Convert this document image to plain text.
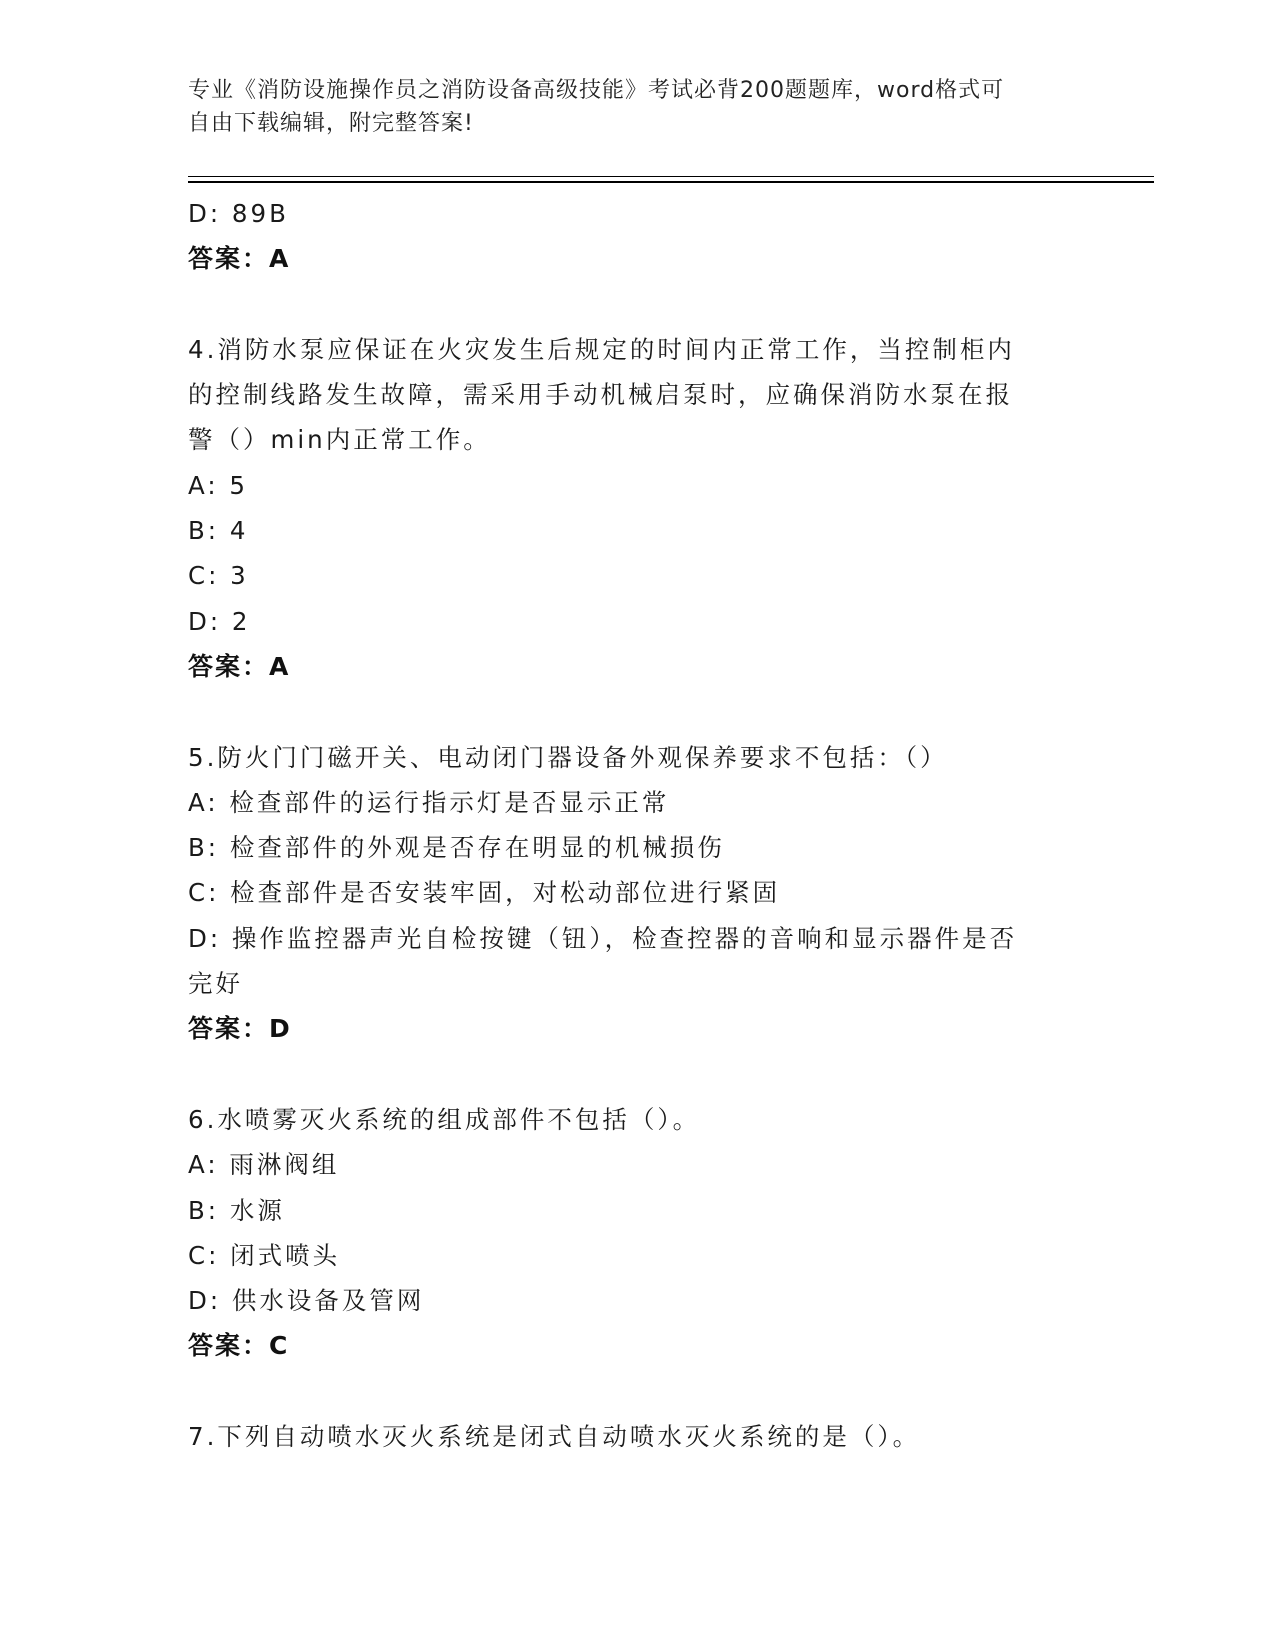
专业《消防设施操作员之消防设备高级技能》考试必背200题题库，word格式可
自由下载编辑，附完整答案!
D: 89B
答案：A
4.消防水泵应保证在火灾发生后规定的时间内正常工作，当控制柜内
的控制线路发生故障，需采用手动机械启泵时，应确保消防水泵在报
警（）min内正常工作。
A: 5
B: 4
C: 3
D: 2
答案：A
5.防火门门磁开关、电动闭门器设备外观保养要求不包括：（）
A: 检查部件的运行指示灯是否显示正常
B: 检查部件的外观是否存在明显的机械损伤
C: 检查部件是否安装牢固，对松动部位进行紧固
D: 操作监控器声光自检按键（钮），检查控器的音响和显示器件是否
完好
答案：D
6.水喷雾灭火系统的组成部件不包括（）。
A: 雨淋阀组
B: 水源
C: 闭式喷头
D: 供水设备及管网
答案：C
7.下列自动喷水灭火系统是闭式自动喷水灭火系统的是（）。
